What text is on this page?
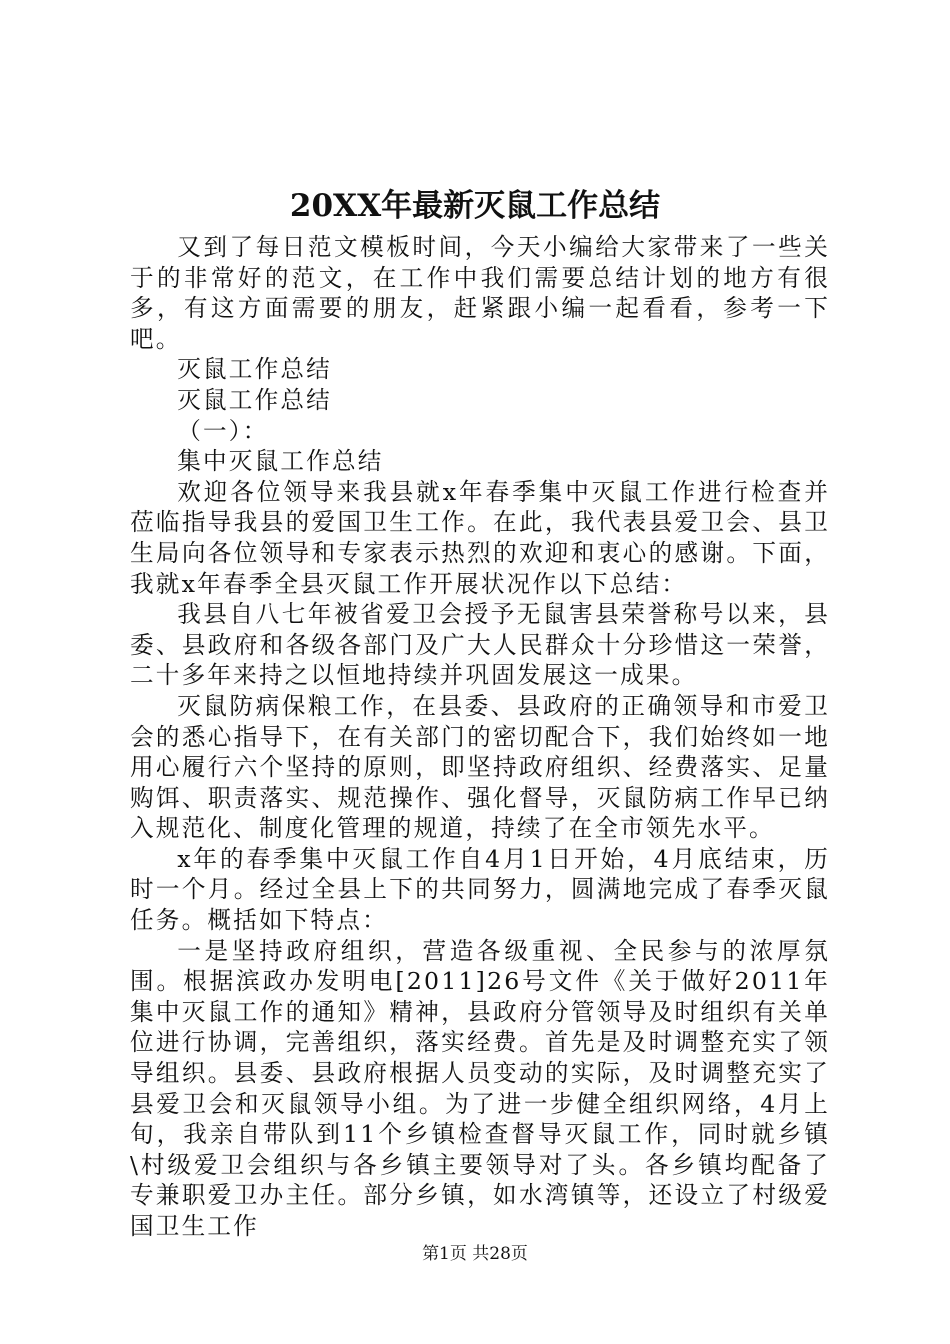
20XX年最新灭鼠工作总结

又到了每日范文模板时间，今天小编给大家带来了一些关于的非常好的范文，在工作中我们需要总结计划的地方有很多，有这方面需要的朋友，赶紧跟小编一起看看，参考一下吧。

灭鼠工作总结

灭鼠工作总结

（一）：

集中灭鼠工作总结

欢迎各位领导来我县就x年春季集中灭鼠工作进行检查并莅临指导我县的爱国卫生工作。在此，我代表县爱卫会、县卫生局向各位领导和专家表示热烈的欢迎和衷心的感谢。下面，我就x年春季全县灭鼠工作开展状况作以下总结：

我县自八七年被省爱卫会授予无鼠害县荣誉称号以来，县委、县政府和各级各部门及广大人民群众十分珍惜这一荣誉，二十多年来持之以恒地持续并巩固发展这一成果。

灭鼠防病保粮工作，在县委、县政府的正确领导和市爱卫会的悉心指导下，在有关部门的密切配合下，我们始终如一地用心履行六个坚持的原则，即坚持政府组织、经费落实、足量购饵、职责落实、规范操作、强化督导，灭鼠防病工作早已纳入规范化、制度化管理的规道，持续了在全市领先水平。

x年的春季集中灭鼠工作自4月1日开始，4月底结束，历时一个月。经过全县上下的共同努力，圆满地完成了春季灭鼠任务。概括如下特点：

一是坚持政府组织，营造各级重视、全民参与的浓厚氛围。根据滨政办发明电[2011]26号文件《关于做好2011年集中灭鼠工作的通知》精神，县政府分管领导及时组织有关单位进行协调，完善组织，落实经费。首先是及时调整充实了领导组织。县委、县政府根据人员变动的实际，及时调整充实了县爱卫会和灭鼠领导小组。为了进一步健全组织网络，4月上旬，我亲自带队到11个乡镇检查督导灭鼠工作，同时就乡镇\村级爱卫会组织与各乡镇主要领导对了头。各乡镇均配备了专兼职爱卫办主任。部分乡镇，如水湾镇等，还设立了村级爱国卫生工作

第1页 共28页
